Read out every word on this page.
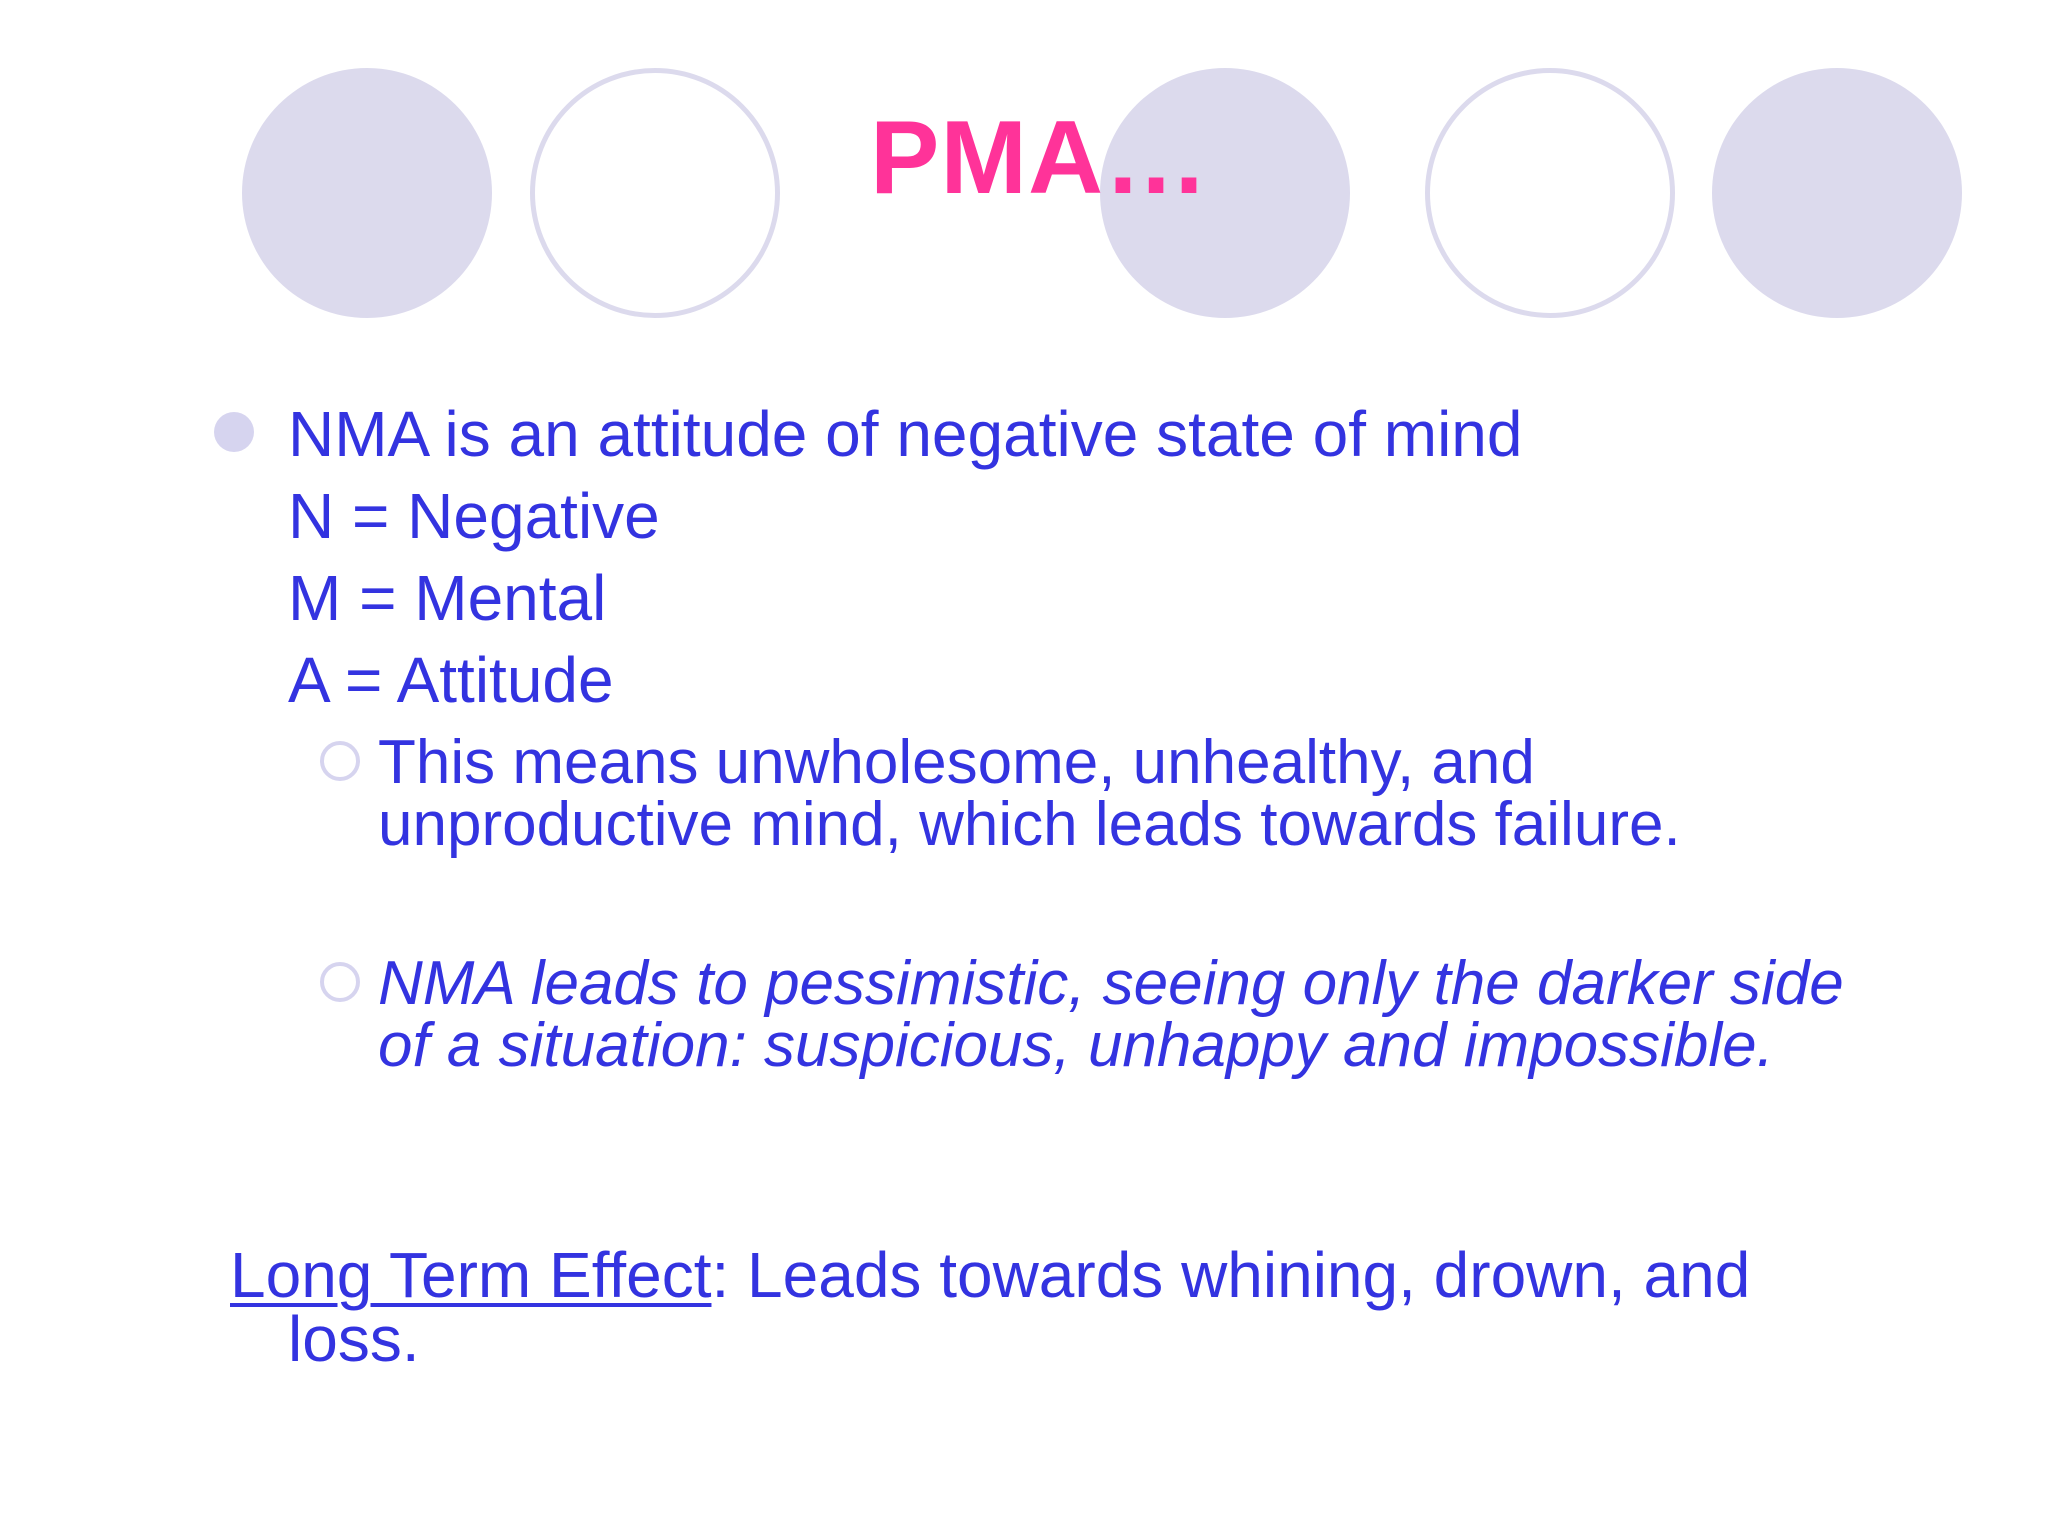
PMA…

NMA is an attitude of negative state of mind

N = Negative

M = Mental

A = Attitude

This means unwholesome, unhealthy, and unproductive mind, which leads towards failure.

NMA leads to pessimistic, seeing only the darker side of a situation: suspicious, unhappy and impossible.

Long Term Effect: Leads towards whining, drown, and loss.
